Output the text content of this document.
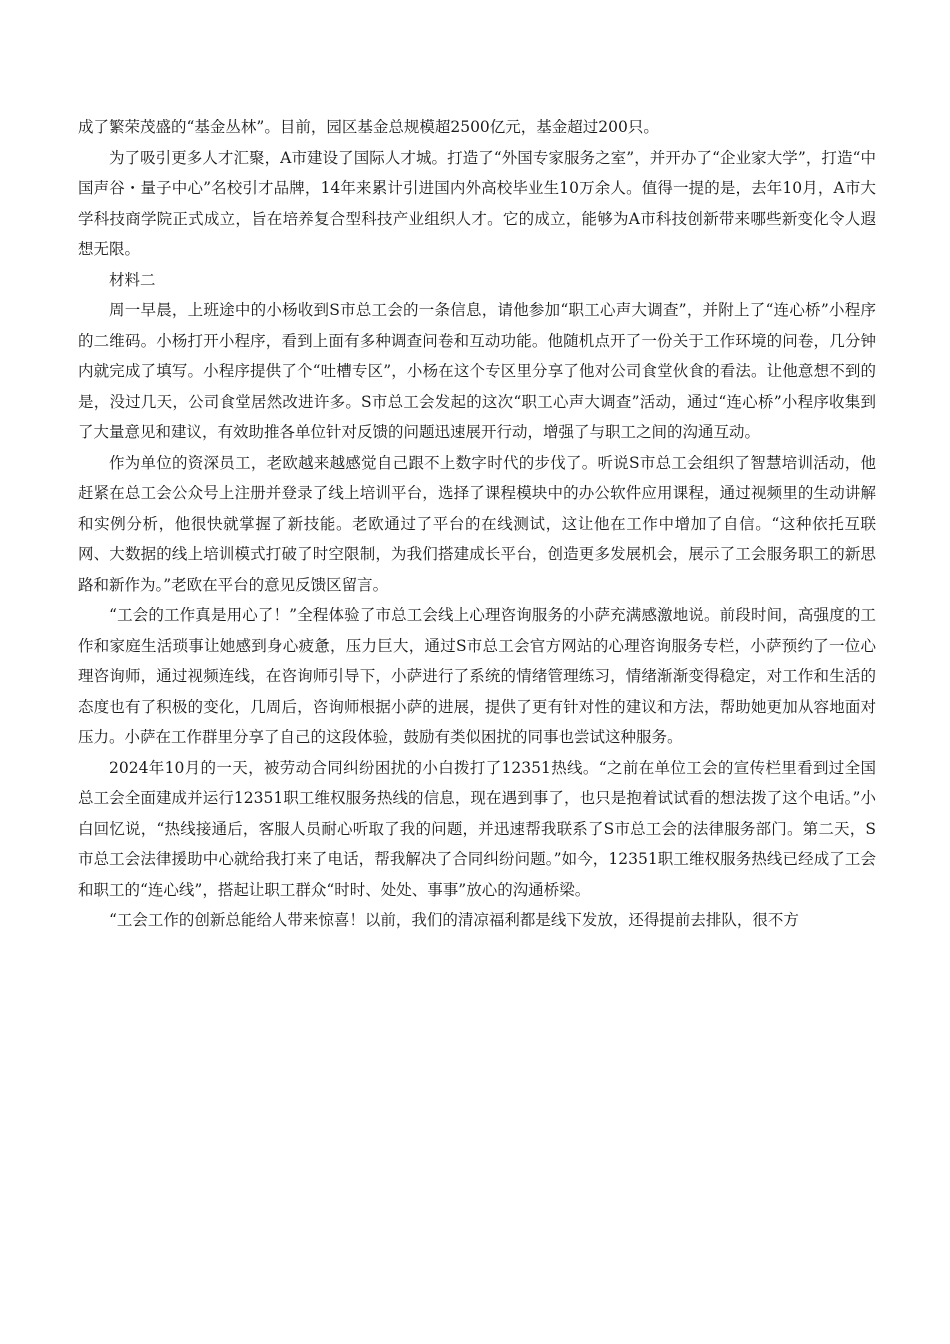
成了繁荣茂盛的“基金丛林”。目前，园区基金总规模超2500亿元，基金超过200只。

为了吸引更多人才汇聚，A市建设了国际人才城。打造了“外国专家服务之室”，并开办了“企业家大学”，打造“中国声谷・量子中心”名校引才品牌，14年来累计引进国内外高校毕业生10万余人。值得一提的是，去年10月，A市大学科技商学院正式成立，旨在培养复合型科技产业组织人才。它的成立，能够为A市科技创新带来哪些新变化令人遐想无限。

材料二

周一早晨，上班途中的小杨收到S市总工会的一条信息，请他参加“职工心声大调查”，并附上了“连心桥”小程序的二维码。小杨打开小程序，看到上面有多种调查问卷和互动功能。他随机点开了一份关于工作环境的问卷，几分钟内就完成了填写。小程序提供了个“吐槽专区”，小杨在这个专区里分享了他对公司食堂伙食的看法。让他意想不到的是，没过几天，公司食堂居然改进许多。S市总工会发起的这次“职工心声大调查”活动，通过“连心桥”小程序收集到了大量意见和建议，有效助推各单位针对反馈的问题迅速展开行动，增强了与职工之间的沟通互动。

作为单位的资深员工，老欧越来越感觉自己跟不上数字时代的步伐了。听说S市总工会组织了智慧培训活动，他赶紧在总工会公众号上注册并登录了线上培训平台，选择了课程模块中的办公软件应用课程，通过视频里的生动讲解和实例分析，他很快就掌握了新技能。老欧通过了平台的在线测试，这让他在工作中增加了自信。“这种依托互联网、大数据的线上培训模式打破了时空限制，为我们搭建成长平台，创造更多发展机会，展示了工会服务职工的新思路和新作为。”老欧在平台的意见反馈区留言。

“工会的工作真是用心了！”全程体验了市总工会线上心理咨询服务的小萨充满感激地说。前段时间，高强度的工作和家庭生活琐事让她感到身心疲惫，压力巨大，通过S市总工会官方网站的心理咨询服务专栏，小萨预约了一位心理咨询师，通过视频连线，在咨询师引导下，小萨进行了系统的情绪管理练习，情绪渐渐变得稳定，对工作和生活的态度也有了积极的变化，几周后，咨询师根据小萨的进展，提供了更有针对性的建议和方法，帮助她更加从容地面对压力。小萨在工作群里分享了自己的这段体验，鼓励有类似困扰的同事也尝试这种服务。

2024年10月的一天，被劳动合同纠纷困扰的小白拨打了12351热线。“之前在单位工会的宣传栏里看到过全国总工会全面建成并运行12351职工维权服务热线的信息，现在遇到事了，也只是抱着试试看的想法拨了这个电话。”小白回忆说，“热线接通后，客服人员耐心听取了我的问题，并迅速帮我联系了S市总工会的法律服务部门。第二天，S市总工会法律援助中心就给我打来了电话，帮我解决了合同纠纷问题。”如今，12351职工维权服务热线已经成了工会和职工的“连心线”，搭起让职工群众“时时、处处、事事”放心的沟通桥梁。

“工会工作的创新总能给人带来惊喜！以前，我们的清凉福利都是线下发放，还得提前去排队，很不方
